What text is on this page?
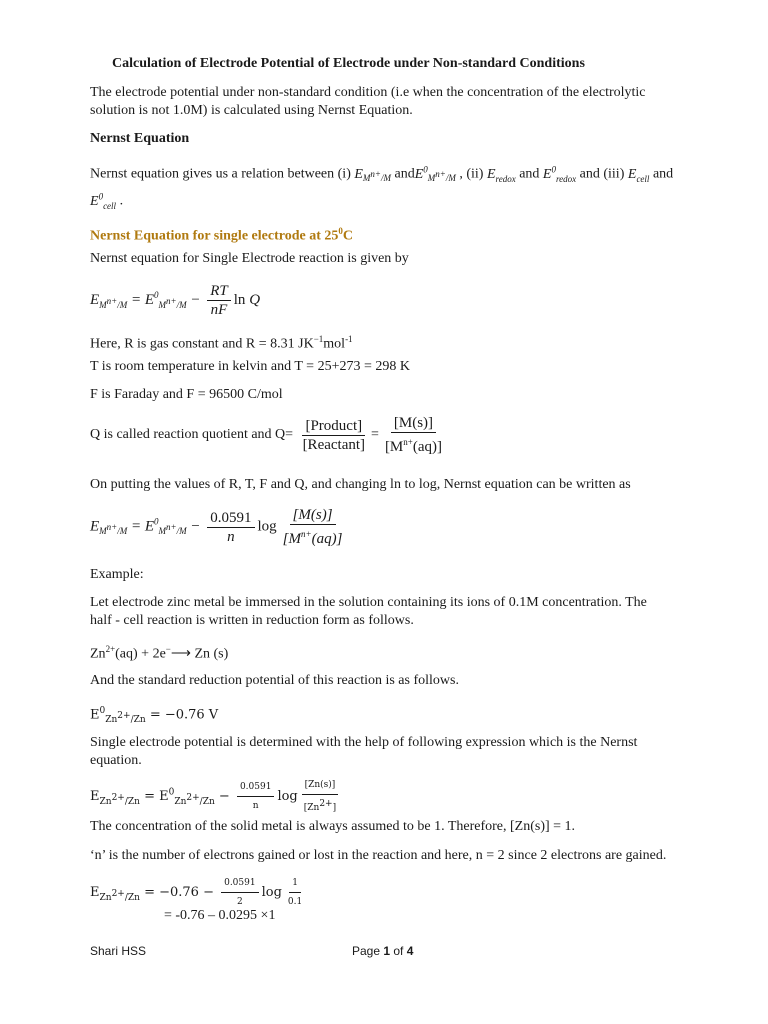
Calculation of Electrode Potential of Electrode under Non-standard Conditions
The electrode potential under non-standard condition (i.e when the concentration of the electrolytic solution is not 1.0M) is calculated using Nernst Equation.
Nernst Equation
Nernst equation gives us a relation between (i) $E_{M^{n+}/M}$ andE$^0_{M^{n+}/M}$ , (ii) $E_{redox}$ and $E^0_{redox}$ and (iii) $E_{cell}$ and
$E^0_{cell}$ .
Nernst Equation for single electrode at $25^0C$
Nernst equation for Single Electrode reaction is given by
$E_{M^{n+}/M} = E^0_{M^{n+}/M} - \frac{RT}{nF}$ ln Q
Here, R is gas constant and R = 8.31 $JK^{-1}mol^{-1}$
T is room temperature in kelvin and T = 25+273 = 298 K
F is Faraday and F = 96500 C/mol
Q is called reaction quotient and $Q= \frac{\text{[Product]}}{\text{[Reactant]}} = \frac{[M(s)]}{[M^{n+}(aq)]}$
On putting the values of R, T, F and Q, and changing ln to log, Nernst equation can be written as
$E_{M^{n+}/M} = E^0_{M^{n+}/M} - \frac{0.0591}{n}$ $\log \frac{[M(s)]}{[M^{n+}(aq)]}$
Example:
Let electrode zinc metal be immersed in the solution containing its ions of 0.1M concentration. The half - cell reaction is written in reduction form as follows.
$Zn^{2+}(aq)$ + 2e−⟶ Zn (s)
And the standard reduction potential of this reaction is as follows.
$E^0_{Zn^{2+}/Zn} = -0.76$ V
Single electrode potential is determined with the help of following expression which is the Nernst equation.
$E_{Zn^{2+}/Zn} = E^0_{Zn^{2+}/Zn} - \frac{0.0591}{n}$ $\log \frac{[Zn(s)]}{[Zn^{2+}]}$
The concentration of the solid metal is always assumed to be 1. Therefore, [Zn(s)] = 1.
‘n’ is the number of electrons gained or lost in the reaction and here, n = 2 since 2 electrons are gained.
$E_{Zn^{2+}/Zn} = -0.76 - \frac{0.0591}{2}$ $\log \frac{1}{0.1}$
= -0.76 – 0.0295 ×1
Shari HSS	Page 1 of 4
